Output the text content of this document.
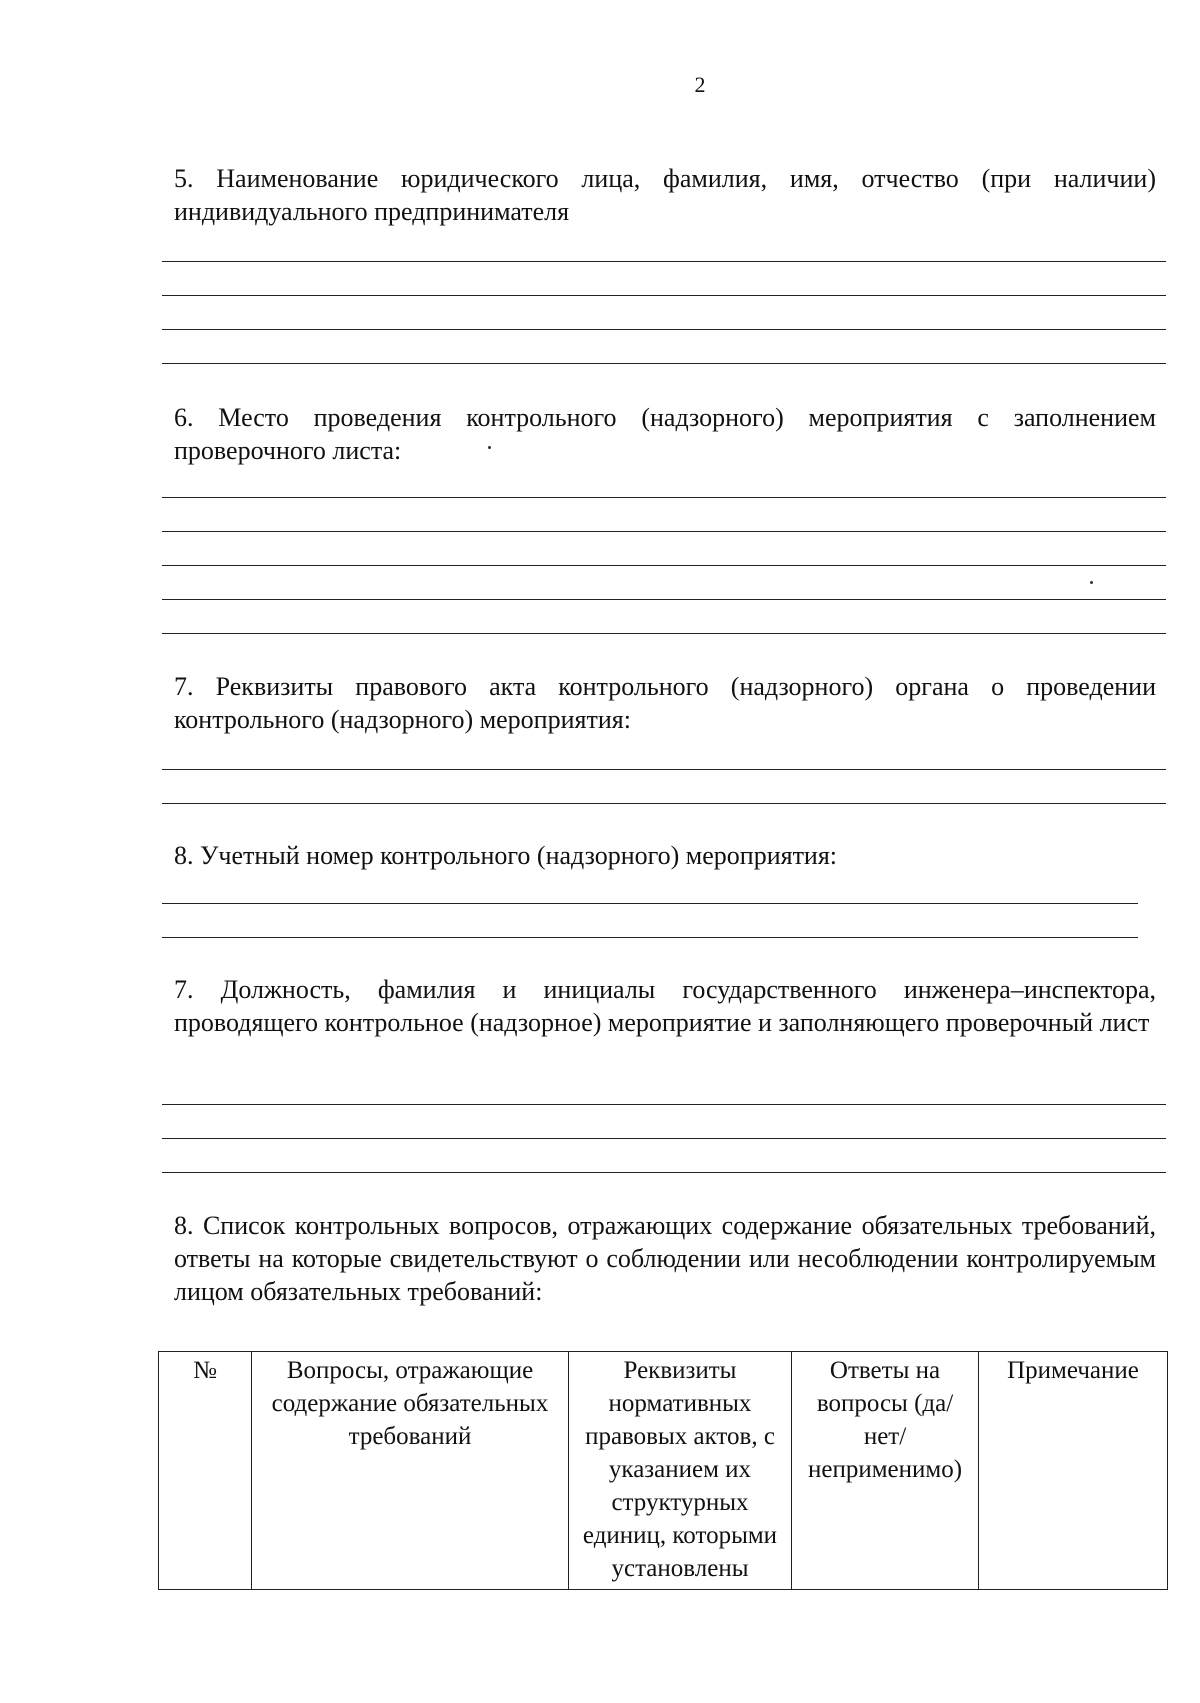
2
5. Наименование юридического лица, фамилия, имя, отчество (при наличии) индивидуального предпринимателя
6. Место проведения контрольного (надзорного) мероприятия с заполнением проверочного листа:
7. Реквизиты правового акта контрольного (надзорного) органа о проведении контрольного (надзорного) мероприятия:
8. Учетный номер контрольного (надзорного) мероприятия:
7. Должность, фамилия и инициалы государственного инженера–инспектора, проводящего контрольное (надзорное) мероприятие и заполняющего проверочный лист
8. Список контрольных вопросов, отражающих содержание обязательных требований, ответы на которые свидетельствуют о соблюдении или несоблюдении контролируемым лицом обязательных требований:
№	Вопросы, отражающие содержание обязательных требований	Реквизиты нормативных правовых актов, с указанием их структурных единиц, которыми установлены	Ответы на вопросы (да/нет/ неприменимо)	Примечание
